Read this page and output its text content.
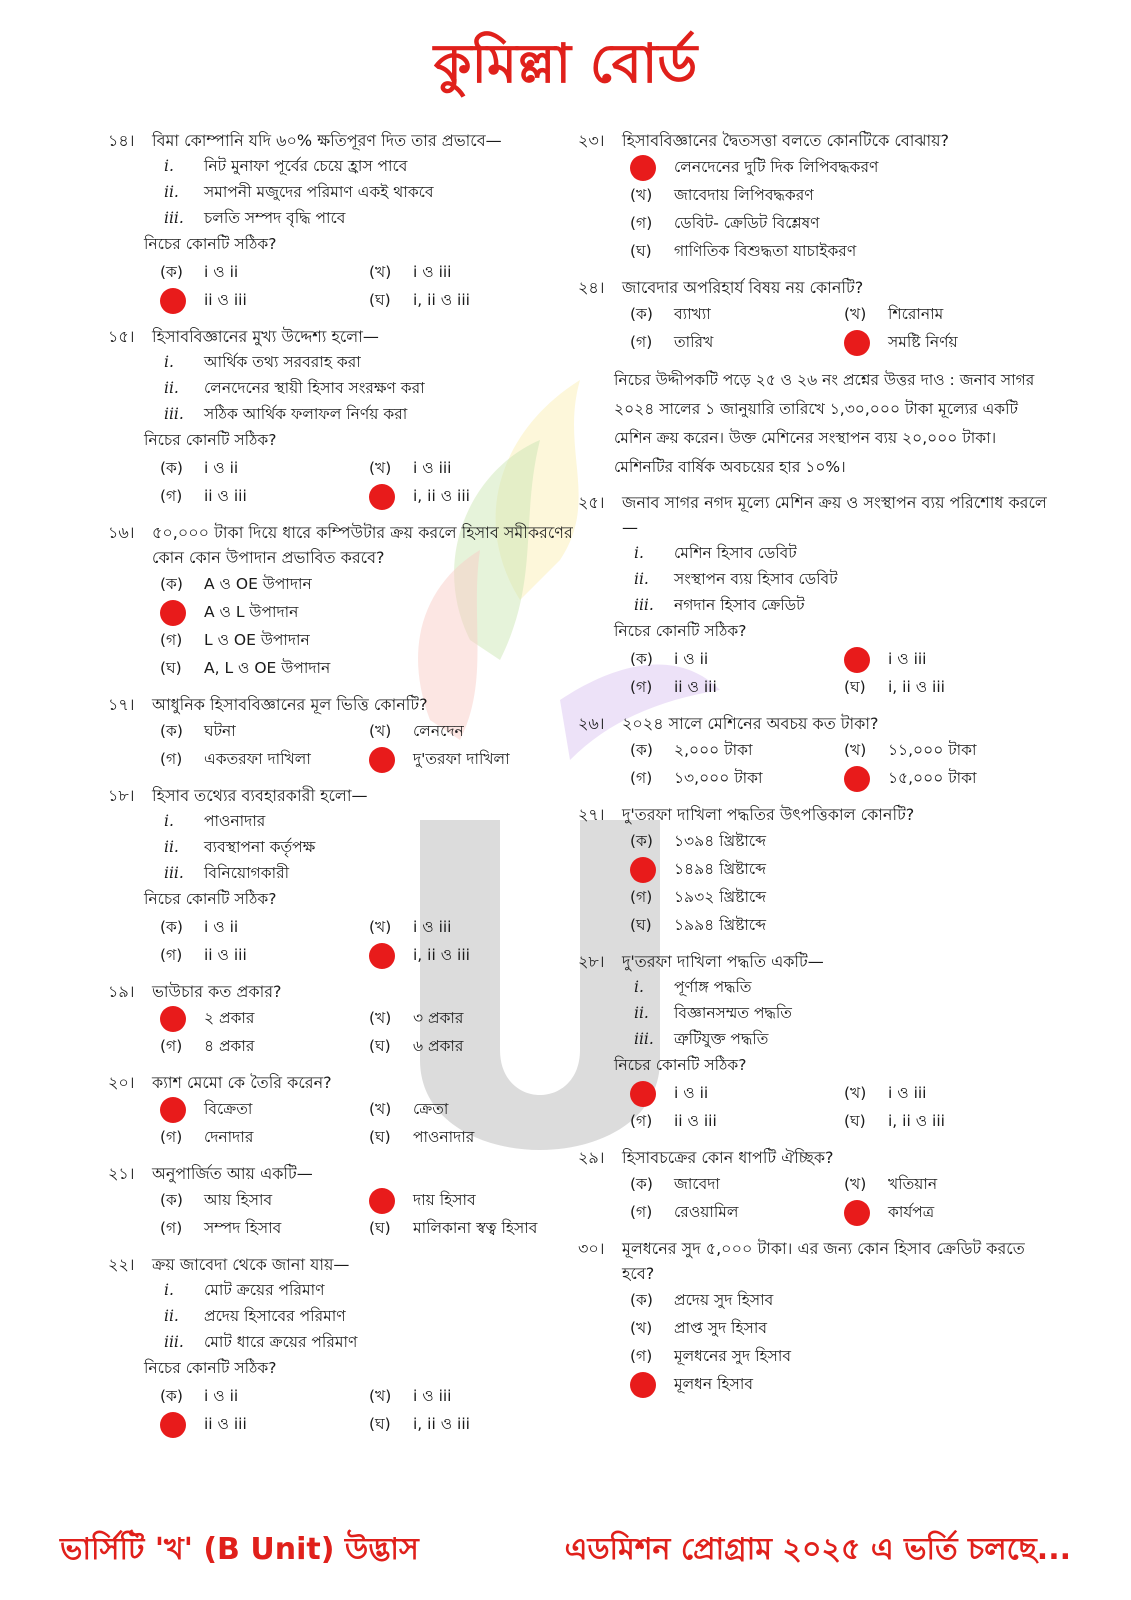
কুমিল্লা বোর্ড
১৪।	বিমা কোম্পানি যদি ৬০% ক্ষতিপূরণ দিত তার প্রভাবে—
i.	নিট মুনাফা পূর্বের চেয়ে হ্রাস পাবে
ii.	সমাপনী মজুদের পরিমাণ একই থাকবে
iii.	চলতি সম্পদ বৃদ্ধি পাবে
নিচের কোনটি সঠিক?
(ক)	i ও ii	(খ)	i ও iii
ii ও iii	(ঘ)	i, ii ও iii
১৫।	হিসাববিজ্ঞানের মুখ্য উদ্দেশ্য হলো—
i.	আর্থিক তথ্য সরবরাহ করা
ii.	লেনদেনের স্থায়ী হিসাব সংরক্ষণ করা
iii.	সঠিক আর্থিক ফলাফল নির্ণয় করা
নিচের কোনটি সঠিক?
(ক)	i ও ii	(খ)	i ও iii
(গ)	ii ও iii	i, ii ও iii
১৬।	৫০,০০০ টাকা দিয়ে ধারে কম্পিউটার ক্রয় করলে হিসাব সমীকরণের কোন কোন উপাদান প্রভাবিত করবে?
(ক)	A ও OE উপাদান
A ও L উপাদান
(গ)	L ও OE উপাদান
(ঘ)	A, L ও OE উপাদান
১৭।	আধুনিক হিসাববিজ্ঞানের মূল ভিত্তি কোনটি?
(ক)	ঘটনা	(খ)	লেনদেন
(গ)	একতরফা দাখিলা	দু'তরফা দাখিলা
১৮।	হিসাব তথ্যের ব্যবহারকারী হলো—
i.	পাওনাদার
ii.	ব্যবস্থাপনা কর্তৃপক্ষ
iii.	বিনিয়োগকারী
নিচের কোনটি সঠিক?
(ক)	i ও ii	(খ)	i ও iii
(গ)	ii ও iii	i, ii ও iii
১৯।	ভাউচার কত প্রকার?
২ প্রকার	(খ)	৩ প্রকার
(গ)	৪ প্রকার	(ঘ)	৬ প্রকার
২০।	ক্যাশ মেমো কে তৈরি করেন?
বিক্রেতা	(খ)	ক্রেতা
(গ)	দেনাদার	(ঘ)	পাওনাদার
২১।	অনুপার্জিত আয় একটি—
(ক)	আয় হিসাব	দায় হিসাব
(গ)	সম্পদ হিসাব	(ঘ)	মালিকানা স্বত্ব হিসাব
২২।	ক্রয় জাবেদা থেকে জানা যায়—
i.	মোট ক্রয়ের পরিমাণ
ii.	প্রদেয় হিসাবের পরিমাণ
iii.	মোট ধারে ক্রয়ের পরিমাণ
নিচের কোনটি সঠিক?
(ক)	i ও ii	(খ)	i ও iii
ii ও iii	(ঘ)	i, ii ও iii
২৩।	হিসাববিজ্ঞানের দ্বৈতসত্তা বলতে কোনটিকে বোঝায়?
লেনদেনের দুটি দিক লিপিবদ্ধকরণ
(খ)	জাবেদায় লিপিবদ্ধকরণ
(গ)	ডেবিট- ক্রেডিট বিশ্লেষণ
(ঘ)	গাণিতিক বিশুদ্ধতা যাচাইকরণ
২৪।	জাবেদার অপরিহার্য বিষয় নয় কোনটি?
(ক)	ব্যাখ্যা	(খ)	শিরোনাম
(গ)	তারিখ	সমষ্টি নির্ণয়
নিচের উদ্দীপকটি পড়ে ২৫ ও ২৬ নং প্রশ্নের উত্তর দাও : জনাব সাগর ২০২৪ সালের ১ জানুয়ারি তারিখে ১,৩০,০০০ টাকা মূল্যের একটি মেশিন ক্রয় করেন। উক্ত মেশিনের সংস্থাপন ব্যয় ২০,০০০ টাকা। মেশিনটির বার্ষিক অবচয়ের হার ১০%।
২৫।	জনাব সাগর নগদ মূল্যে মেশিন ক্রয় ও সংস্থাপন ব্যয় পরিশোধ করলে—
i.	মেশিন হিসাব ডেবিট
ii.	সংস্থাপন ব্যয় হিসাব ডেবিট
iii.	নগদান হিসাব ক্রেডিট
নিচের কোনটি সঠিক?
(ক)	i ও ii	i ও iii
(গ)	ii ও iii	(ঘ)	i, ii ও iii
২৬।	২০২৪ সালে মেশিনের অবচয় কত টাকা?
(ক)	২,০০০ টাকা	(খ)	১১,০০০ টাকা
(গ)	১৩,০০০ টাকা	১৫,০০০ টাকা
২৭।	দু'তরফা দাখিলা পদ্ধতির উৎপত্তিকাল কোনটি?
(ক)	১৩৯৪ খ্রিষ্টাব্দে
১৪৯৪ খ্রিষ্টাব্দে
(গ)	১৯৩২ খ্রিষ্টাব্দে
(ঘ)	১৯৯৪ খ্রিষ্টাব্দে
২৮।	দু'তরফা দাখিলা পদ্ধতি একটি—
i.	পূর্ণাঙ্গ পদ্ধতি
ii.	বিজ্ঞানসম্মত পদ্ধতি
iii.	ত্রুটিযুক্ত পদ্ধতি
নিচের কোনটি সঠিক?
i ও ii	(খ)	i ও iii
(গ)	ii ও iii	(ঘ)	i, ii ও iii
২৯।	হিসাবচক্রের কোন ধাপটি ঐচ্ছিক?
(ক)	জাবেদা	(খ)	খতিয়ান
(গ)	রেওয়ামিল	কার্যপত্র
৩০।	মূলধনের সুদ ৫,০০০ টাকা। এর জন্য কোন হিসাব ক্রেডিট করতে হবে?
(ক)	প্রদেয় সুদ হিসাব
(খ)	প্রাপ্ত সুদ হিসাব
(গ)	মূলধনের সুদ হিসাব
মূলধন হিসাব
ভার্সিটি 'খ' (B Unit) উদ্ভাস	এডমিশন প্রোগ্রাম ২০২৫ এ ভর্তি চলছে...
